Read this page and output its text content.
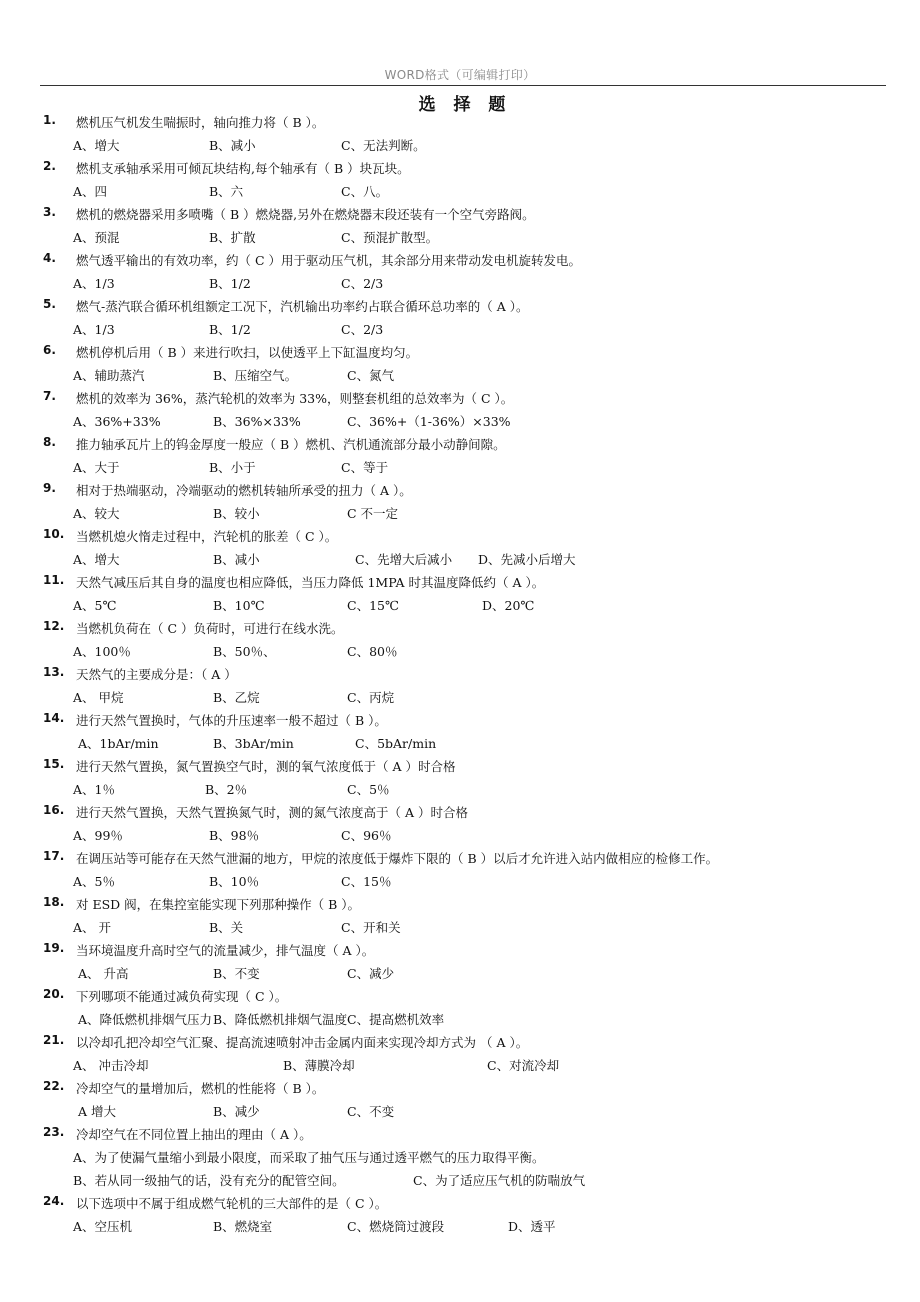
WORD格式（可编辑打印）
选 择 题
1. 燃机压气机发生喘振时，轴向推力将（ B ）。
A、增大	B、减小	C、无法判断。
2. 燃机支承轴承采用可倾瓦块结构,每个轴承有（ B ）块瓦块。
A、四	B、六	C、八。
3. 燃机的燃烧器采用多喷嘴（ B ）燃烧器,另外在燃烧器末段还装有一个空气旁路阀。
A、预混	B、扩散	C、预混扩散型。
4. 燃气透平输出的有效功率，约（ C ）用于驱动压气机，其余部分用来带动发电机旋转发电。
A、1/3	B、1/2	C、2/3
5. 燃气-蒸汽联合循环机组额定工况下，汽机输出功率约占联合循环总功率的（ A ）。
A、1/3	B、1/2	C、2/3
6. 燃机停机后用（ B ）来进行吹扫，以使透平上下缸温度均匀。
A、辅助蒸汽	B、压缩空气。	C、氮气
7. 燃机的效率为 36%，蒸汽轮机的效率为 33%，则整套机组的总效率为（ C ）。
A、36%+33%	B、36%×33%	C、36%+（1-36%）×33%
8. 推力轴承瓦片上的钨金厚度一般应（ B ）燃机、汽机通流部分最小动静间隙。
A、大于	B、小于	C、等于
9. 相对于热端驱动，冷端驱动的燃机转轴所承受的扭力（ A ）。
A、较大	B、较小	C 不一定
10. 当燃机熄火惰走过程中，汽轮机的胀差（ C ）。
A、增大	B、减小	C、先增大后减小 D、先减小后增大
11. 天然气减压后其自身的温度也相应降低，当压力降低 1MPA 时其温度降低约（ A ）。
A、5℃	B、10℃	C、15℃	D、20℃
12. 当燃机负荷在（ C ）负荷时，可进行在线水洗。
A、100％	B、50％、	C、80％
13. 天然气的主要成分是：（ A ）
A、 甲烷	B、乙烷	C、丙烷
14. 进行天然气置换时，气体的升压速率一般不超过（ B ）。
A、1bAr/min	B、3bAr/min	C、5bAr/min
15. 进行天然气置换，氮气置换空气时，测的氧气浓度低于（ A ）时合格
A、1％	B、2％	C、5％
16. 进行天然气置换，天然气置换氮气时，测的氮气浓度高于（ A ）时合格
A、99％	B、98％	C、96％
17. 在调压站等可能存在天然气泄漏的地方，甲烷的浓度低于爆炸下限的（ B ）以后才允许进入站内做相应的检修工作。
A、5％	B、10％	C、15％
18. 对 ESD 阀，在集控室能实现下列那种操作（ B ）。
A、 开	B、关	C、开和关
19. 当环境温度升高时空气的流量减少，排气温度（ A ）。
A、 升高	B、不变	C、减少
20. 下列哪项不能通过减负荷实现（ C ）。
A、降低燃机排烟气压力 B、降低燃机排烟气温度 C、提高燃机效率
21. 以冷却孔把冷却空气汇聚、提高流速喷射冲击金属内面来实现冷却方式为 （ A ）。
A、 冲击冷却	B、薄膜冷却	C、对流冷却
22. 冷却空气的量增加后，燃机的性能将（ B ）。
A 增大	B、减少	C、不变
23. 冷却空气在不同位置上抽出的理由（ A ）。
A、为了使漏气量缩小到最小限度，而采取了抽气压与通过透平燃气的压力取得平衡。
B、若从同一级抽气的话，没有充分的配管空间。	C、为了适应压气机的防喘放气
24. 以下选项中不属于组成燃气轮机的三大部件的是（ C ）。
A、空压机	B、燃烧室	C、燃烧筒过渡段	D、透平
